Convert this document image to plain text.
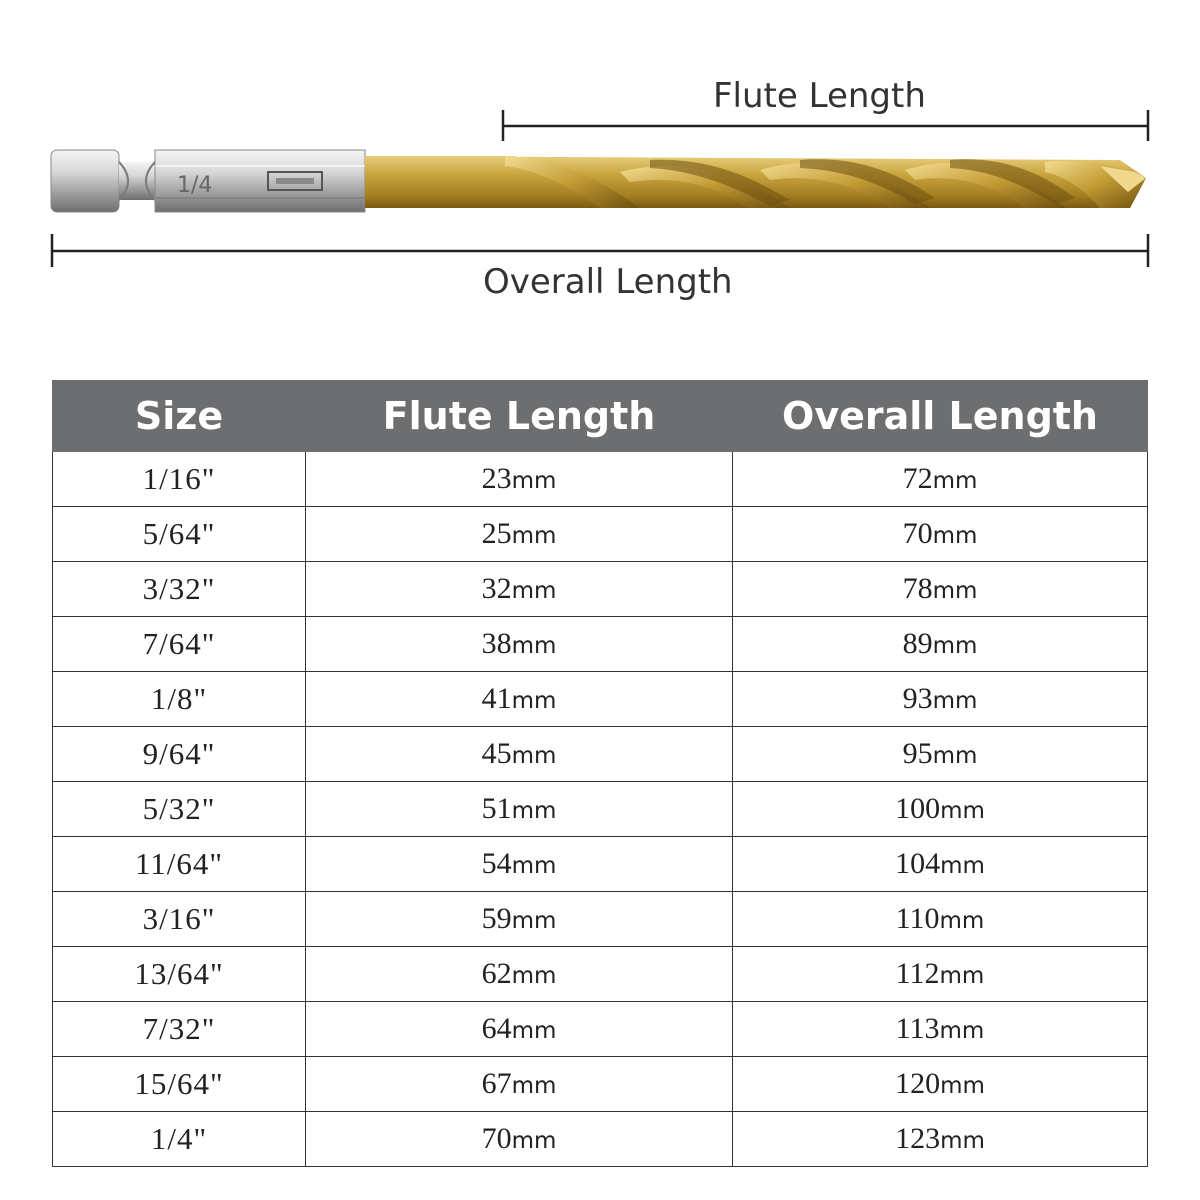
1/4
Flute Length
Overall Length
Size	Flute Length	Overall Length
1/16"	23mm	72mm
5/64"	25mm	70mm
3/32"	32mm	78mm
7/64"	38mm	89mm
1/8"	41mm	93mm
9/64"	45mm	95mm
5/32"	51mm	100mm
11/64"	54mm	104mm
3/16"	59mm	110mm
13/64"	62mm	112mm
7/32"	64mm	113mm
15/64"	67mm	120mm
1/4"	70mm	123mm
